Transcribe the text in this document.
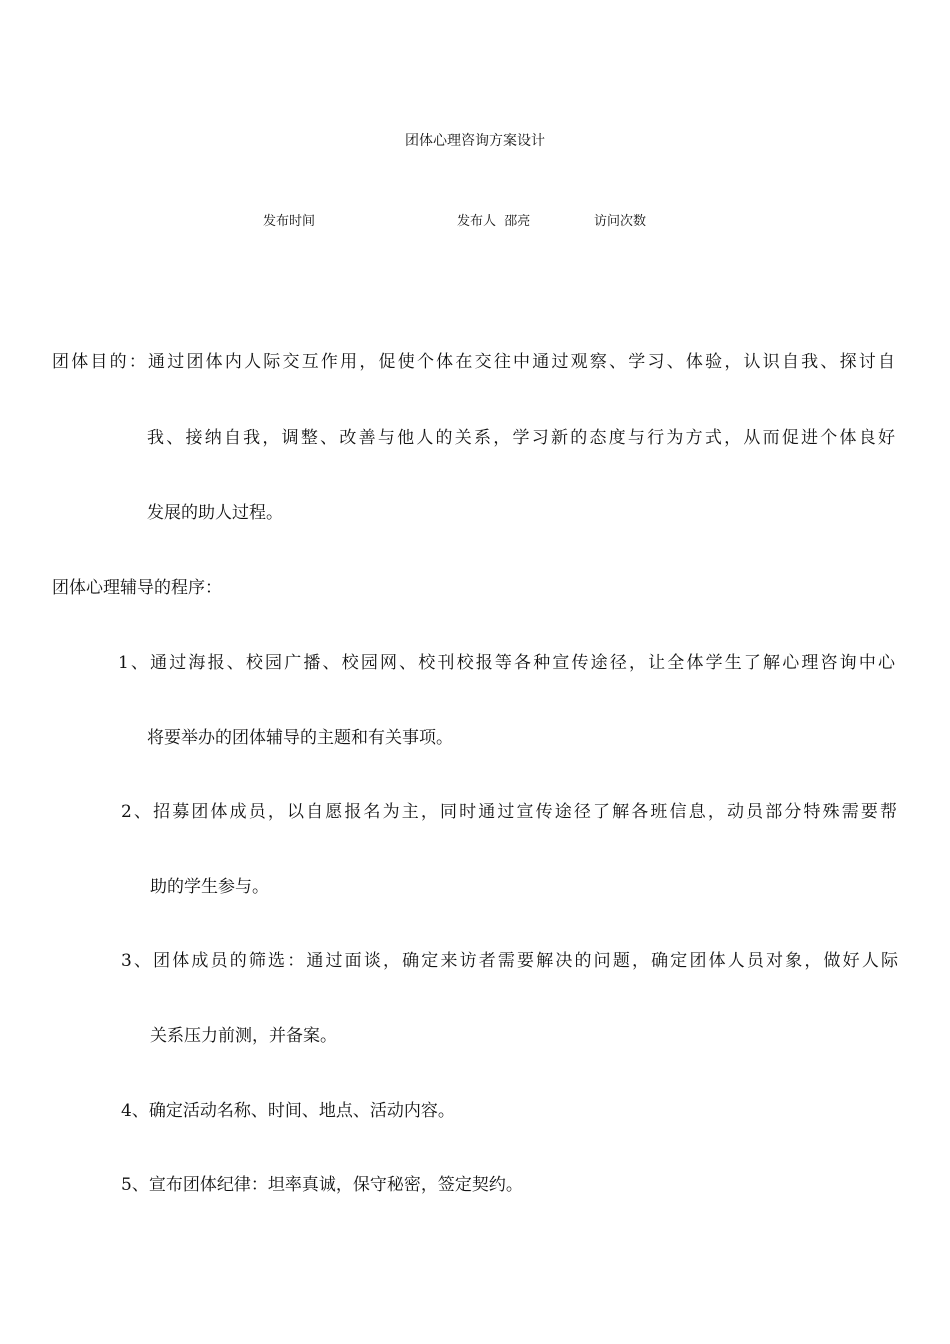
团体心理咨询方案设计
发布时间	发布人  邵亮	访问次数
团体目的：通过团体内人际交互作用，促使个体在交往中通过观察、学习、体验，认识自我、探讨自
我、接纳自我，调整、改善与他人的关系，学习新的态度与行为方式，从而促进个体良好
发展的助人过程。
团体心理辅导的程序：
1、通过海报、校园广播、校园网、校刊校报等各种宣传途径，让全体学生了解心理咨询中心
将要举办的团体辅导的主题和有关事项。
2、招募团体成员，以自愿报名为主，同时通过宣传途径了解各班信息，动员部分特殊需要帮
助的学生参与。
3、团体成员的筛选：通过面谈，确定来访者需要解决的问题，确定团体人员对象，做好人际
关系压力前测，并备案。
4、确定活动名称、时间、地点、活动内容。
5、宣布团体纪律：坦率真诚，保守秘密，签定契约。
